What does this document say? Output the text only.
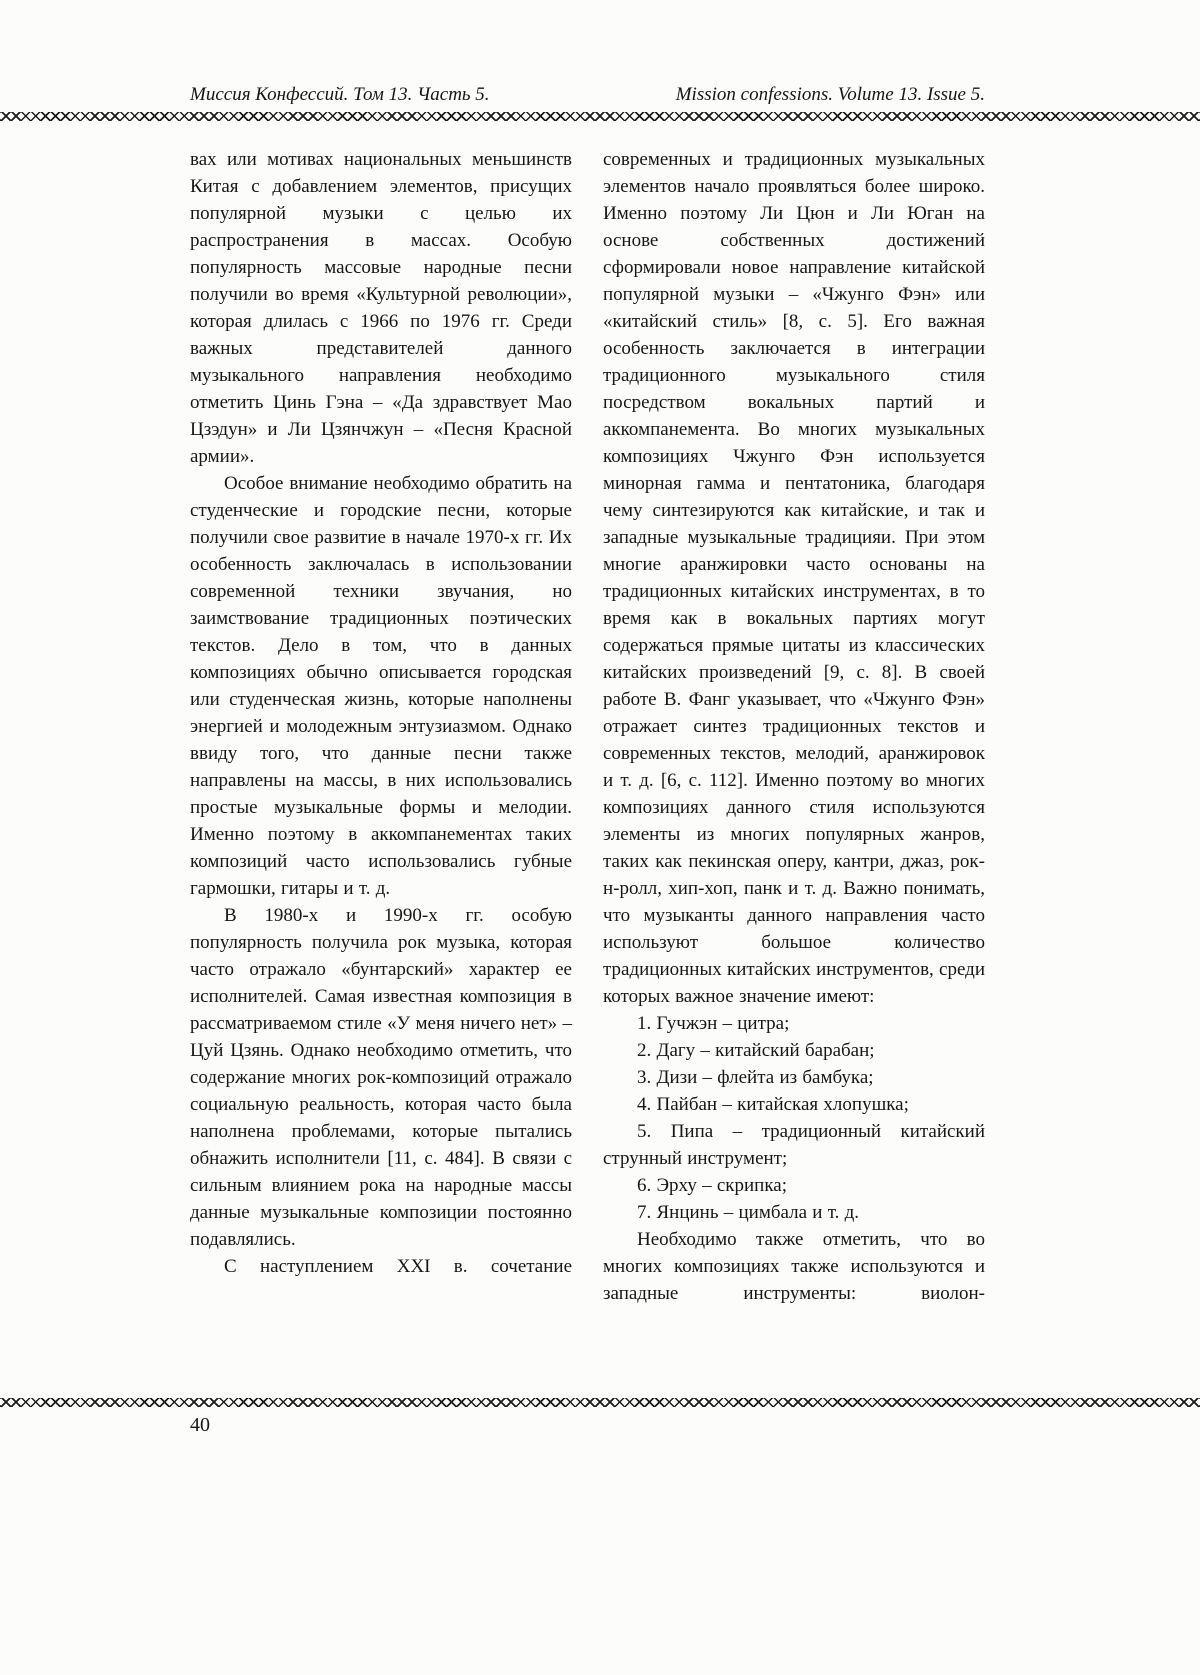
Миссия Конфессий. Том 13. Часть 5.	Mission confessions. Volume 13. Issue 5.

вах или мотивах национальных меньшинств Китая с добавлением элементов, присущих популярной музыки с целью их распространения в массах. Особую популярность массовые народные песни получили во время «Культурной революции», которая длилась с 1966 по 1976 гг. Среди важных представителей данного музыкального направления необходимо отметить Цинь Гэна – «Да здравствует Мао Цзэдун» и Ли Цзянчжун – «Песня Красной армии».

Особое внимание необходимо обратить на студенческие и городские песни, которые получили свое развитие в начале 1970-х гг. Их особенность заключалась в использовании современной техники звучания, но заимствование традиционных поэтических текстов. Дело в том, что в данных композициях обычно описывается городская или студенческая жизнь, которые наполнены энергией и молодежным энтузиазмом. Однако ввиду того, что данные песни также направлены на массы, в них использовались простые музыкальные формы и мелодии. Именно поэтому в аккомпанементах таких композиций часто использовались губные гармошки, гитары и т. д.

В 1980-х и 1990-х гг. особую популярность получила рок музыка, которая часто отражало «бунтарский» характер ее исполнителей. Самая известная композиция в рассматриваемом стиле «У меня ничего нет» – Цуй Цзянь. Однако необходимо отметить, что содержание многих рок-композиций отражало социальную реальность, которая часто была наполнена проблемами, которые пытались обнажить исполнители [11, с. 484]. В связи с сильным влиянием рока на народные массы данные музыкальные композиции постоянно подавлялись.

С наступлением XXI в. сочетание

современных и традиционных музыкальных элементов начало проявляться более широко. Именно поэтому Ли Цюн и Ли Юган на основе собственных достижений сформировали новое направление китайской популярной музыки – «Чжунго Фэн» или «китайский стиль» [8, с. 5]. Его важная особенность заключается в интеграции традиционного музыкального стиля посредством вокальных партий и аккомпанемента. Во многих музыкальных композициях Чжунго Фэн используется минорная гамма и пентатоника, благодаря чему синтезируются как китайские, и так и западные музыкальные традицияи. При этом многие аранжировки часто основаны на традиционных китайских инструментах, в то время как в вокальных партиях могут содержаться прямые цитаты из классических китайских произведений [9, с. 8]. В своей работе В. Фанг указывает, что «Чжунго Фэн» отражает синтез традиционных текстов и современных текстов, мелодий, аранжировок и т. д. [6, с. 112]. Именно поэтому во многих композициях данного стиля используются элементы из многих популярных жанров, таких как пекинская оперу, кантри, джаз, рок-н-ролл, хип-хоп, панк и т. д. Важно понимать, что музыканты данного направления часто используют большое количество традиционных китайских инструментов, среди которых важное значение имеют:

1. Гучжэн – цитра;

2. Дагу – китайский барабан;

3. Дизи – флейта из бамбука;

4. Пайбан – китайская хлопушка;

5. Пипа – традиционный китайский струнный инструмент;

6. Эрху – скрипка;

7. Янцинь – цимбала и т. д.

Необходимо также отметить, что во многих композициях также используются и западные инструменты: виолон-

40
